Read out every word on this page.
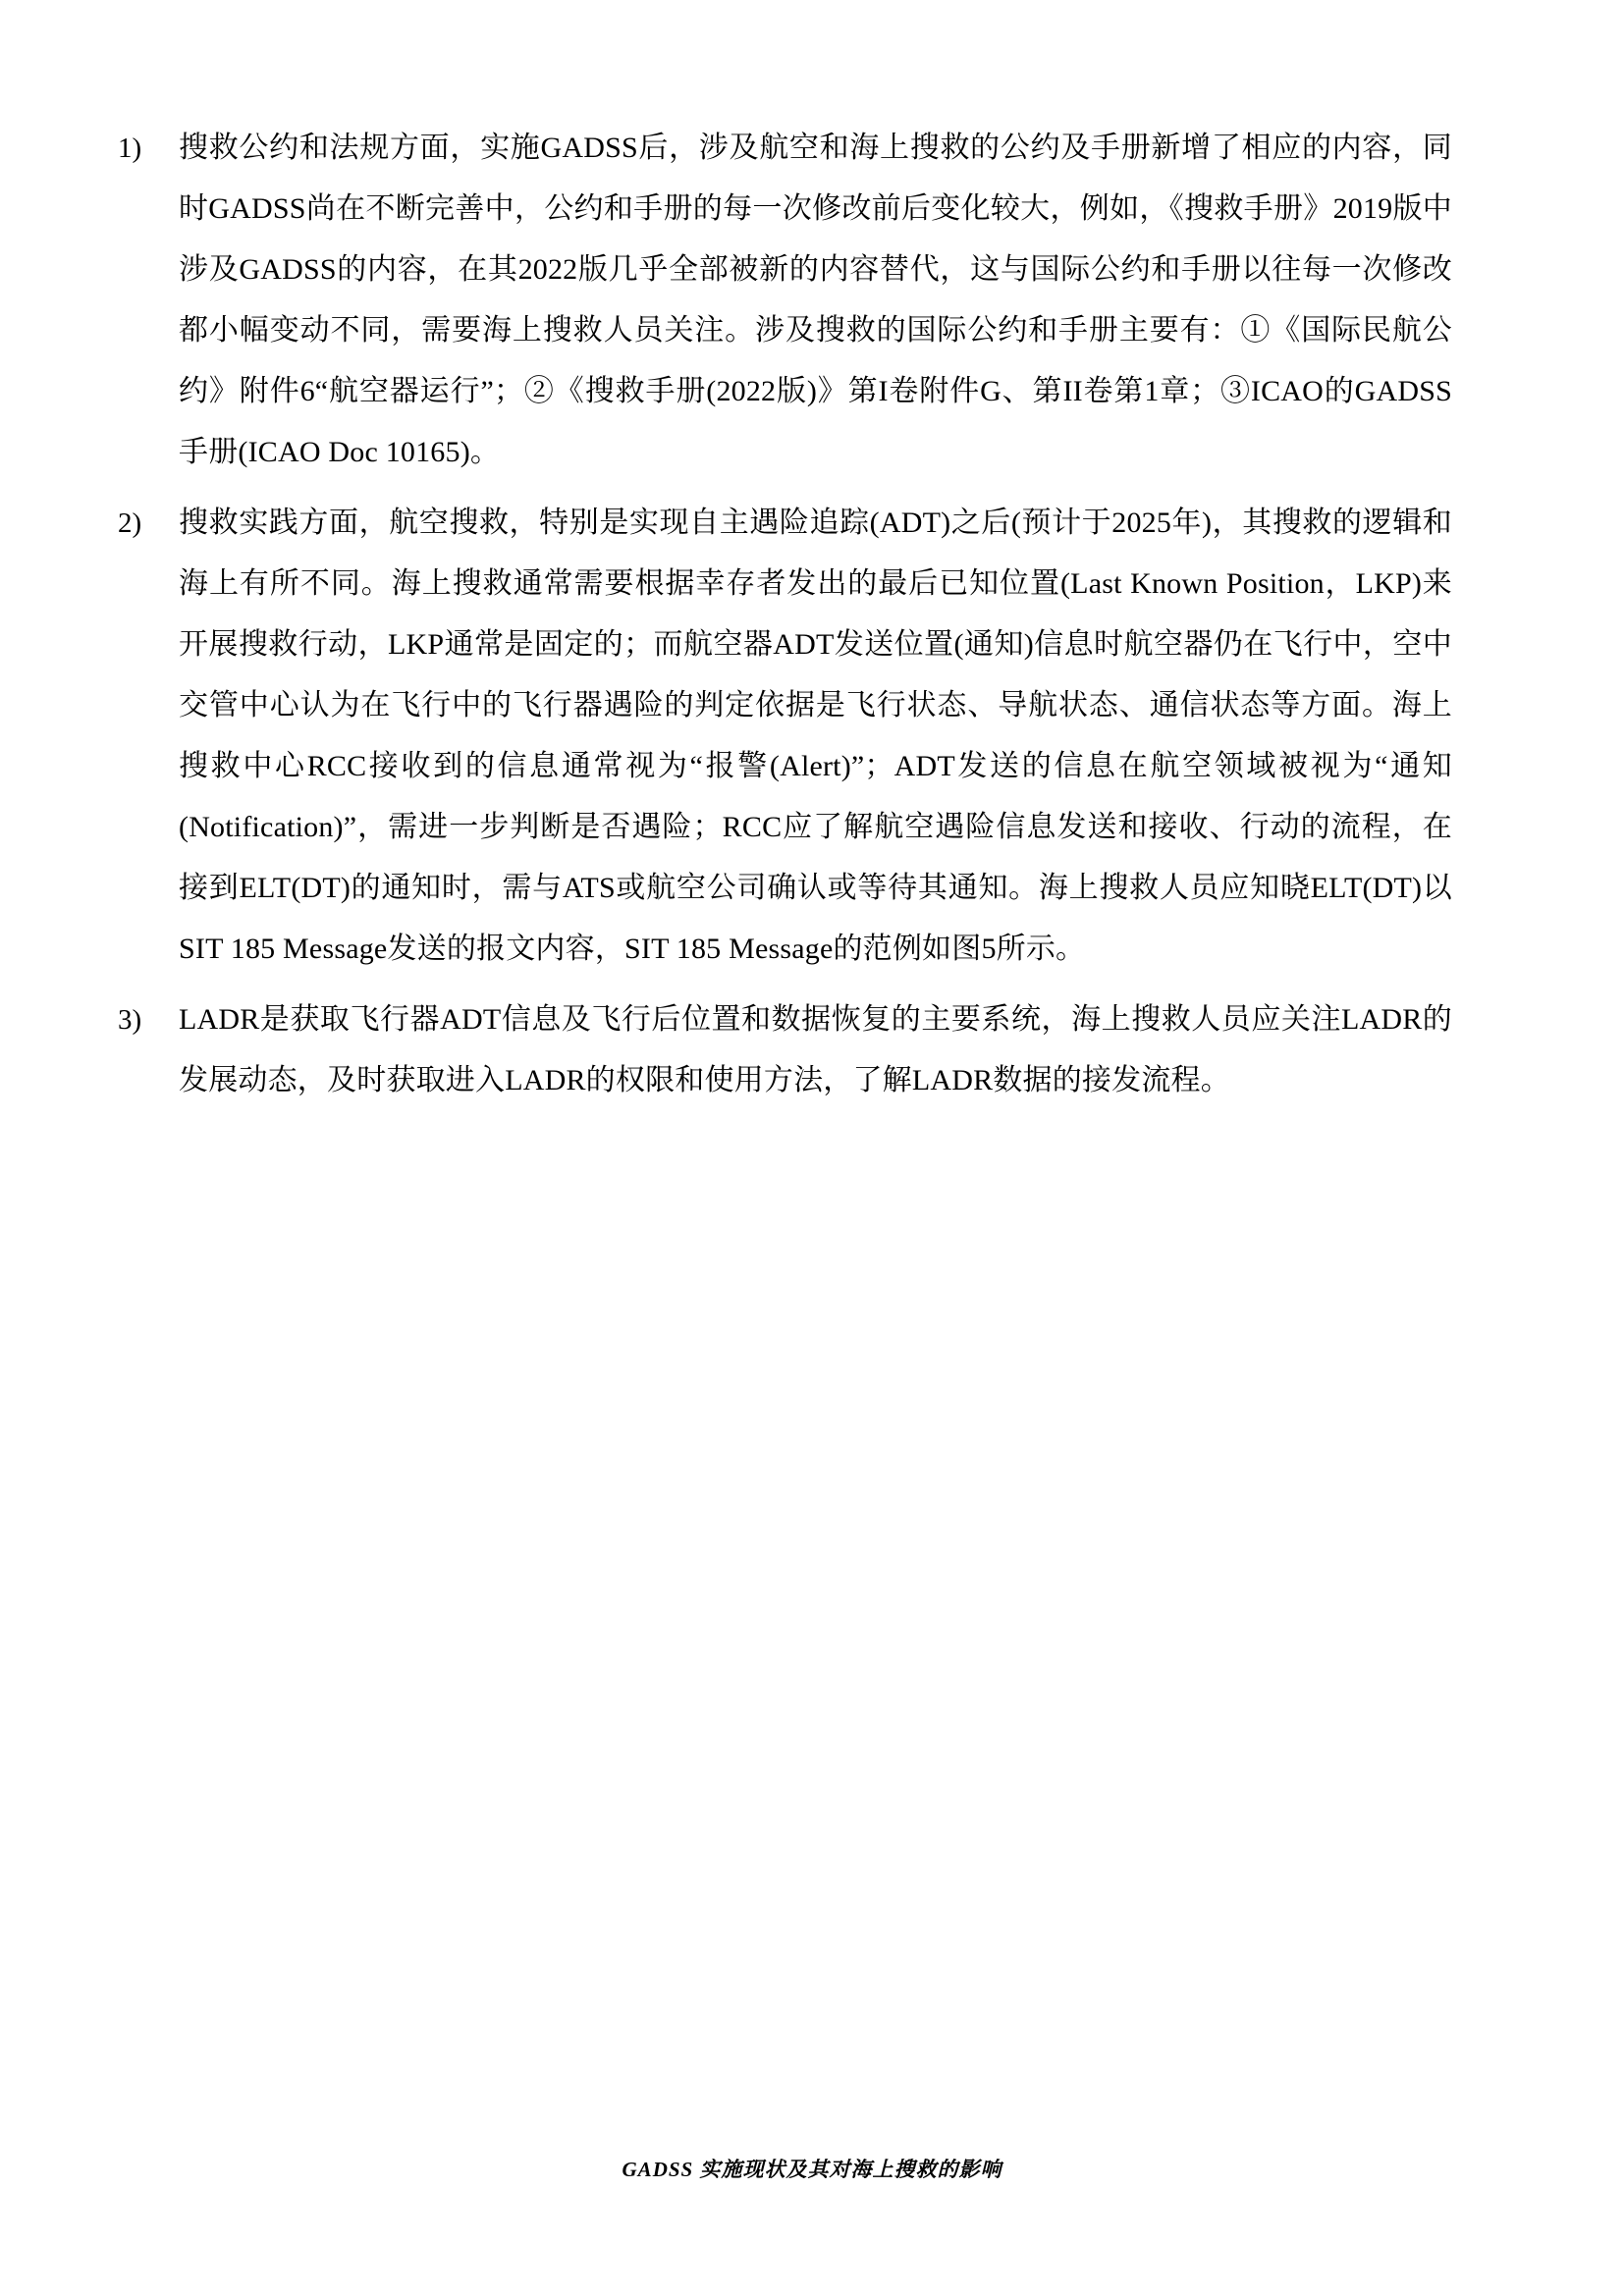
1)	搜救公约和法规方面，实施GADSS后，涉及航空和海上搜救的公约及手册新增了相应的内容，同时GADSS尚在不断完善中，公约和手册的每一次修改前后变化较大，例如，《搜救手册》2019版中涉及GADSS的内容，在其2022版几乎全部被新的内容替代，这与国际公约和手册以往每一次修改都小幅变动不同，需要海上搜救人员关注。涉及搜救的国际公约和手册主要有：①《国际民航公约》附件6“航空器运行”；②《搜救手册(2022版)》第I卷附件G、第II卷第1章；③ICAO的GADSS手册(ICAO Doc 10165)。
2)	搜救实践方面，航空搜救，特别是实现自主遇险追踪(ADT)之后(预计于2025年)，其搜救的逻辑和海上有所不同。海上搜救通常需要根据幸存者发出的最后已知位置(Last Known Position，LKP)来开展搜救行动，LKP通常是固定的；而航空器ADT发送位置(通知)信息时航空器仍在飞行中，空中交管中心认为在飞行中的飞行器遇险的判定依据是飞行状态、导航状态、通信状态等方面。海上搜救中心RCC接收到的信息通常视为“报警(Alert)”；ADT发送的信息在航空领域被视为“通知(Notification)”，需进一步判断是否遇险；RCC应了解航空遇险信息发送和接收、行动的流程，在接到ELT(DT)的通知时，需与ATS或航空公司确认或等待其通知。海上搜救人员应知晓ELT(DT)以SIT 185 Message发送的报文内容，SIT 185 Message的范例如图5所示。
3)	LADR是获取飞行器ADT信息及飞行后位置和数据恢复的主要系统，海上搜救人员应关注LADR的发展动态，及时获取进入LADR的权限和使用方法，了解LADR数据的接发流程。
GADSS 实施现状及其对海上搜救的影响
